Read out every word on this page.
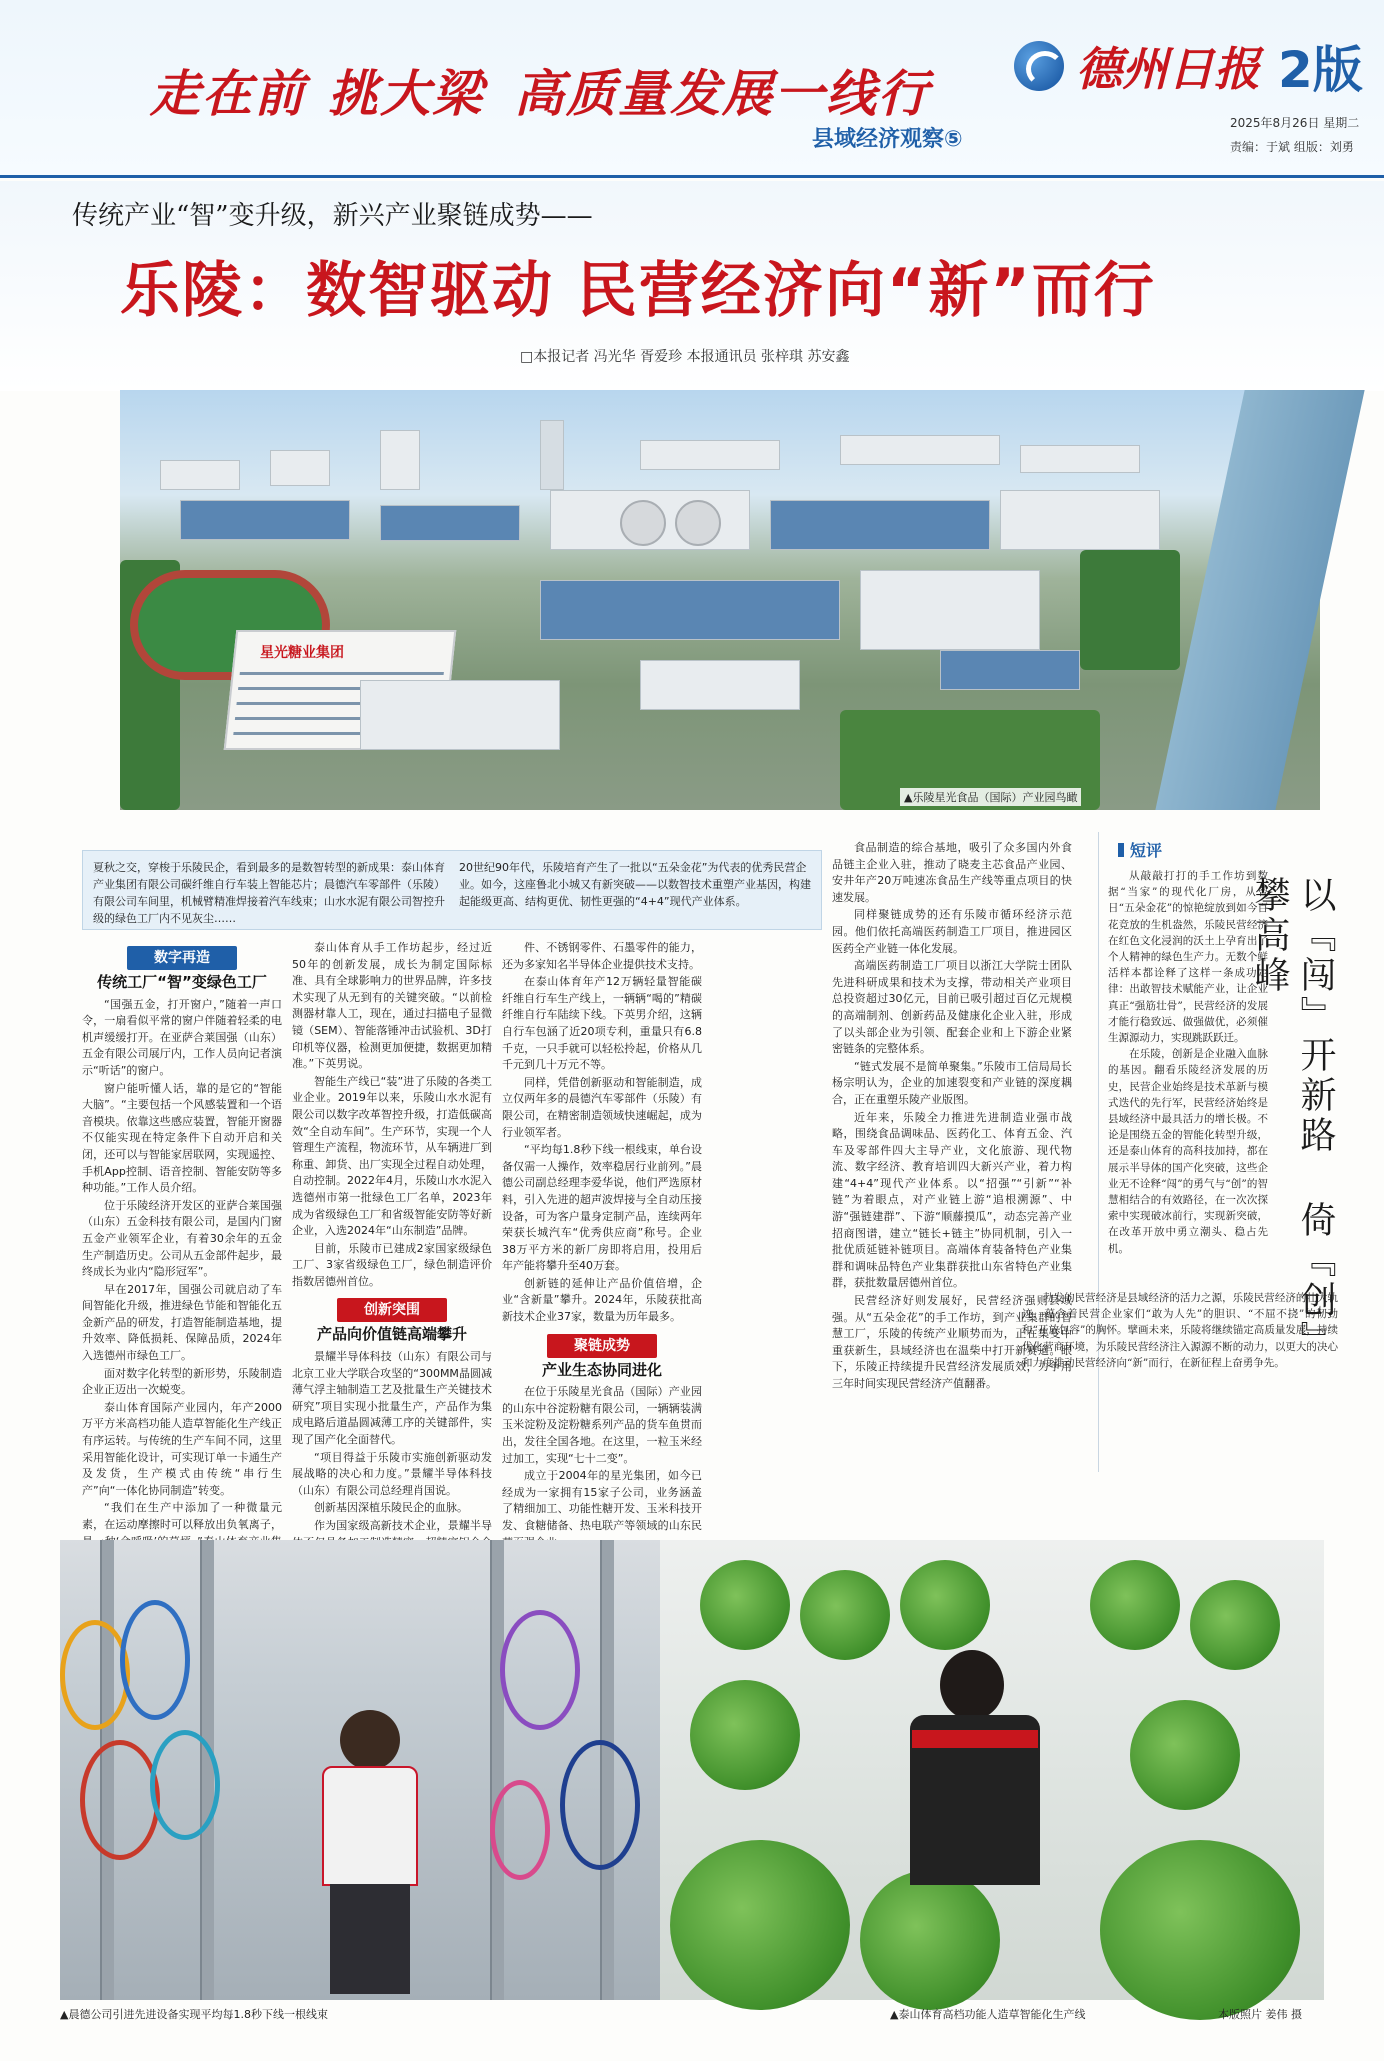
走在前 挑大梁 高质量发展一线行
县域经济观察⑤
德州日报 2版
2025年8月26日 星期二
责编：于斌 组版：刘勇
传统产业“智”变升级，新兴产业聚链成势——
乐陵：数智驱动 民营经济向“新”而行
□本报记者 冯光华 胥爱珍 本报通讯员 张梓琪 苏安鑫
星光糖业集团
▲乐陵星光食品（国际）产业园鸟瞰

夏秋之交，穿梭于乐陵民企，看到最多的是数智转型的新成果：泰山体育产业集团有限公司碳纤维自行车装上智能芯片；晨德汽车零部件（乐陵）有限公司车间里，机械臂精准焊接着汽车线束；山水水泥有限公司智控升级的绿色工厂内不见灰尘……

20世纪90年代，乐陵培育产生了一批以“五朵金花”为代表的优秀民营企业。如今，这座鲁北小城又有新突破——以数智技术重塑产业基因，构建起能级更高、结构更优、韧性更强的“4+4”现代产业体系。

数字再造
传统工厂“智”变绿色工厂

“国强五金，打开窗户，”随着一声口令，一扇看似平常的窗户伴随着轻柔的电机声缓缓打开。在亚萨合莱国强（山东）五金有限公司展厅内，工作人员向记者演示“听话”的窗户。

窗户能听懂人话，靠的是它的“智能大脑”。“主要包括一个风感装置和一个语音模块。依靠这些感应装置，智能开窗器不仅能实现在特定条件下自动开启和关闭，还可以与智能家居联网，实现遥控、手机App控制、语音控制、智能安防等多种功能。”工作人员介绍。

位于乐陵经济开发区的亚萨合莱国强（山东）五金科技有限公司，是国内门窗五金产业领军企业，有着30余年的五金生产制造历史。公司从五金部件起步，最终成长为业内“隐形冠军”。

早在2017年，国强公司就启动了车间智能化升级，推进绿色节能和智能化五金新产品的研发，打造智能制造基地，提升效率、降低损耗、保障品质，2024年入选德州市绿色工厂。

面对数字化转型的新形势，乐陵制造企业正迈出一次蜕变。

泰山体育国际产业园内，年产2000万平方米高档功能人造草智能化生产线正有序运转。与传统的生产车间不同，这里采用智能化设计，可实现订单一卡通生产及发货，生产模式由传统“串行生产”向“一体化协同制造”转变。

“我们在生产中添加了一种微量元素，在运动摩擦时可以释放出负氧离子，

泰山体育从手工作坊起步，经过近50年的创新发展，成长为制定国际标准、具有全球影响力的世界品牌，许多技术实现了从无到有的关键突破。“以前检测器材靠人工，现在，通过扫描电子显微镜（SEM）、智能落锤冲击试验机、3D打印机等仪器，检测更加便捷，数据更加精准。”下英男说。

智能生产线已“装”进了乐陵的各类工业企业。2019年以来，乐陵山水水泥有限公司以数字改革智控升级，打造低碳高效“全自动车间”。生产环节，实现一个人管理生产流程，物流环节，从车辆进厂到称重、卸货、出厂实现全过程自动处理，自动控制。2022年4月，乐陵山水水泥入选德州市第一批绿色工厂名单，2023年成为省级绿色工厂和省级智能安防等好新企业，入选2024年“山东制造”品牌。

目前，乐陵市已建成2家国家级绿色工厂、3家省级绿色工厂，绿色制造评价指数居德州首位。

创新突围
产品向价值链高端攀升

景耀半导体科技（山东）有限公司与北京工业大学联合攻坚的“300MM晶圆减薄气浮主轴制造工艺及批量生产关键技术研究”项目实现小批量生产，产品作为集成电路后道晶圆减薄工序的关键部件，实现了国产化全面替代。

“项目得益于乐陵市实施创新驱动发展战略的决心和力度。”景耀半导体科技（山东）有限公司总经理肖国说。

创新基因深植乐陵民企的血脉。

作为国家级高新技术企业，景耀半导

件、不锈钢零件、石墨零件的能力，还为多家知名半导体企业提供技术支持。

在泰山体育年产12万辆轻量智能碳纤维自行车生产线上，一辆辆“喝的”精碳纤维自行车陆续下线。下英男介绍，这辆自行车包涵了近20项专利，重量只有6.8千克，一只手就可以轻松拎起，价格从几千元到几十万元不等。

同样，凭借创新驱动和智能制造，成立仅两年多的晨德汽车零部件（乐陵）有限公司，在精密制造领域快速崛起，成为行业领军者。

“平均每1.8秒下线一根线束，单台设备仅需一人操作，效率稳居行业前列。”晨德公司副总经理李爱华说，他们严选原材料，引入先进的超声波焊接与全自动压接设备，可为客户量身定制产品，连续两年荣获长城汽车“优秀供应商”称号。企业38万平方米的新厂房即将启用，投用后年产能将攀升至40万套。

创新链的延伸让产品价值倍增，企业“含新量”攀升。2024年，乐陵获批高新技术企业37家，数量为历年最多。

聚链成势
产业生态协同进化

在位于乐陵星光食品（国际）产业园的山东中谷淀粉糖有限公司，一辆辆装满玉米淀粉及淀粉糖系列产品的货车鱼贯而出，发往全国各地。在这里，一粒玉米经过加工，实现“七十二变”。

成立于2004年的星光集团，如今已经成为一家拥有15家子公司，业务涵盖了精细加工、功能性糖开发、玉米科技开发、食糖储备、热电联产等领域的山东民

食品制造的综合基地，吸引了众多国内外食品链主企业入驻，推动了晓麦主芯食品产业园、安井年产20万吨速冻食品生产线等重点项目的快速发展。

同样聚链成势的还有乐陵市循环经济示范园。他们依托高端医药制造工厂项目，推进园区医药全产业链一体化发展。

高端医药制造工厂项目以浙江大学院士团队先进科研成果和技术为支撑，带动相关产业项目总投资超过30亿元，目前已吸引超过百亿元规模的高端制剂、创新药品及健康化企业入驻，形成了以头部企业为引领、配套企业和上下游企业紧密链条的完整体系。

“链式发展不是简单聚集。”乐陵市工信局局长杨宗明认为，企业的加速裂变和产业链的深度耦合，正在重塑乐陵产业版图。

近年来，乐陵全力推进先进制造业强市战略，围绕食品调味品、医药化工、体育五金、汽车及零部件四大主导产业，文化旅游、现代物流、数字经济、教育培训四大新兴产业，着力构建“4+4”现代产业体系。以“招强”“引新”“补链”为着眼点，对产业链上游“追根溯源”、中游“强链建群”、下游“顺藤摸瓜”，动态完善产业招商图谱，建立“链长+链主”协同机制，引入一批优质延链补链项目。高端体育装备特色产业集群和调味品特色产业集群获批山东省特色产业集群，获批数量居德州首位。

民营经济好则发展好，民营经济强则县域强。从“五朵金花”的手工作坊，到产业集群的智慧工厂，乐陵的传统产业顺势而为，正在集变中重获新生，县域经济也在温柴中打开新赛道。眼下，乐陵正持续提升民营经济发展质效，力争用三年时间实现民营经济产值翻番。

短评

从敲敲打打的手工作坊到数据“当家”的现代化厂房，从曾日“五朵金花”的惊艳绽放到如今百花竞放的生机盎然，乐陵民营经济在红色文化浸润的沃土上孕育出了个人精神的绿色生产力。无数个鲜活样本都诠释了这样一条成功定律：出敢智技术赋能产业，让企业真正“强筋壮骨”，民营经济的发展才能行稳致远、做强做优，必须催生源源动力，实现跳跃跃迁。

在乐陵，创新是企业融入血脉的基因。翻看乐陵经济发展的历史，民营企业始终是技术革新与模式迭代的先行军，民营经济始终是县域经济中最具活力的增长极。不论是围绕五金的智能化转型升级，还是泰山体育的高科技加持，都在展示半导体的国产化突破，这些企业无不诠释“闯”的勇气与“创”的智慧相结合的有效路径，在一次次探索中实现破冰前行，实现新突破，在改革开放中勇立潮头、稳占先机。	以『闯』开新路 倚『创』攀高峰

勃发的民营经济是县域经济的活力之源，乐陵民营经济的壮大轨迹，蕴含着民营企业家们“敢为人先”的胆识、“不屈不挠”的韧劲和“开放包容”的胸怀。擘画未来，乐陵将继续锚定高质量发展，持续优化营商环境，为乐陵民营经济注入源源不断的动力，以更大的决心和力度推动民营经济向“新”而行，在新征程上奋勇争先。

▲晨德公司引进先进设备实现平均每1.8秒下线一根线束	▲泰山体育高档功能人造草智能化生产线	本版照片 姜伟 摄
